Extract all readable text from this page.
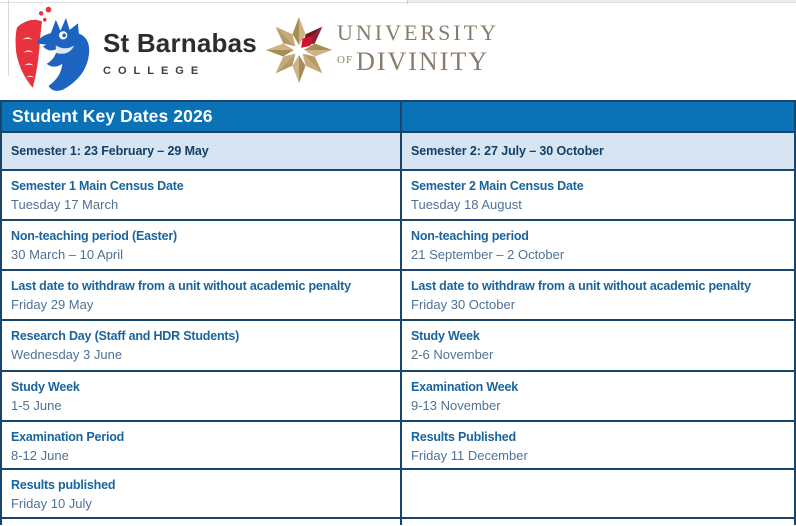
St Barnabas
COLLEGE
UNIVERSITY
$^{OF}$ DIVINITY
Student Key Dates 2026
Semester 1: 23 February – 29 May	Semester 2: 27 July – 30 October
Semester 1 Main Census Date
Tuesday 17 March
Semester 2 Main Census Date
Tuesday 18 August
Non-teaching period (Easter)
30 March – 10 April
Non-teaching period
21 September – 2 October
Last date to withdraw from a unit without academic penalty
Friday 29 May
Last date to withdraw from a unit without academic penalty
Friday 30 October
Research Day (Staff and HDR Students)
Wednesday 3 June
Study Week
2-6 November
Study Week
1-5 June
Examination Week
9-13 November
Examination Period
8-12 June
Results Published
Friday 11 December
Results published
Friday 10 July
